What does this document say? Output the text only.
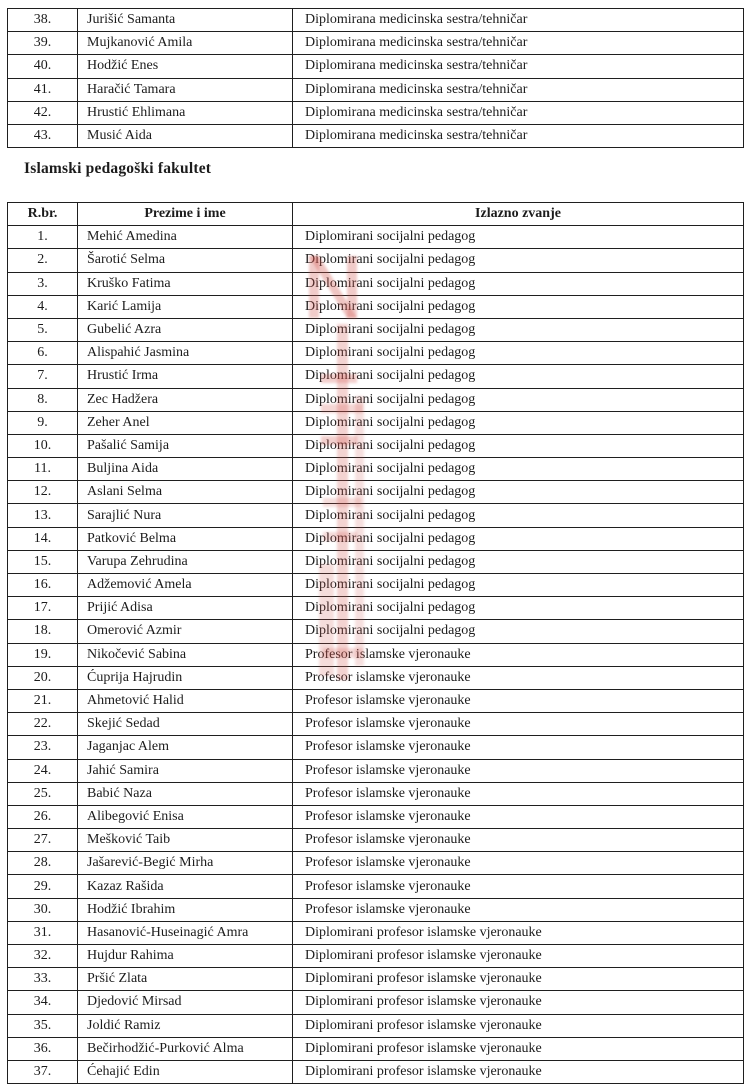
38.	Jurišić Samanta	Diplomirana medicinska sestra/tehničar
39.	Mujkanović Amila	Diplomirana medicinska sestra/tehničar
40.	Hodžić Enes	Diplomirana medicinska sestra/tehničar
41.	Haračić Tamara	Diplomirana medicinska sestra/tehničar
42.	Hrustić Ehlimana	Diplomirana medicinska sestra/tehničar
43.	Musić Aida	Diplomirana medicinska sestra/tehničar
Islamski pedagoški fakultet
R.br.	Prezime i ime	Izlazno zvanje
1.	Mehić Amedina	Diplomirani socijalni pedagog
2.	Šarotić Selma	Diplomirani socijalni pedagog
3.	Kruško Fatima	Diplomirani socijalni pedagog
4.	Karić Lamija	Diplomirani socijalni pedagog
5.	Gubelić Azra	Diplomirani socijalni pedagog
6.	Alispahić Jasmina	Diplomirani socijalni pedagog
7.	Hrustić Irma	Diplomirani socijalni pedagog
8.	Zec Hadžera	Diplomirani socijalni pedagog
9.	Zeher Anel	Diplomirani socijalni pedagog
10.	Pašalić Samija	Diplomirani socijalni pedagog
11.	Buljina Aida	Diplomirani socijalni pedagog
12.	Aslani Selma	Diplomirani socijalni pedagog
13.	Sarajlić Nura	Diplomirani socijalni pedagog
14.	Patković Belma	Diplomirani socijalni pedagog
15.	Varupa Zehrudina	Diplomirani socijalni pedagog
16.	Adžemović Amela	Diplomirani socijalni pedagog
17.	Prijić Adisa	Diplomirani socijalni pedagog
18.	Omerović Azmir	Diplomirani socijalni pedagog
19.	Nikočević Sabina	Profesor islamske vjeronauke
20.	Ćuprija Hajrudin	Profesor islamske vjeronauke
21.	Ahmetović Halid	Profesor islamske vjeronauke
22.	Skejić Sedad	Profesor islamske vjeronauke
23.	Jaganjac Alem	Profesor islamske vjeronauke
24.	Jahić Samira	Profesor islamske vjeronauke
25.	Babić Naza	Profesor islamske vjeronauke
26.	Alibegović Enisa	Profesor islamske vjeronauke
27.	Mešković Taib	Profesor islamske vjeronauke
28.	Jašarević-Begić Mirha	Profesor islamske vjeronauke
29.	Kazaz Rašida	Profesor islamske vjeronauke
30.	Hodžić Ibrahim	Profesor islamske vjeronauke
31.	Hasanović-Huseinagić Amra	Diplomirani profesor islamske vjeronauke
32.	Hujdur Rahima	Diplomirani profesor islamske vjeronauke
33.	Pršić Zlata	Diplomirani profesor islamske vjeronauke
34.	Djedović Mirsad	Diplomirani profesor islamske vjeronauke
35.	Joldić Ramiz	Diplomirani profesor islamske vjeronauke
36.	Bečirhodžić-Purković Alma	Diplomirani profesor islamske vjeronauke
37.	Ćehajić Edin	Diplomirani profesor islamske vjeronauke
